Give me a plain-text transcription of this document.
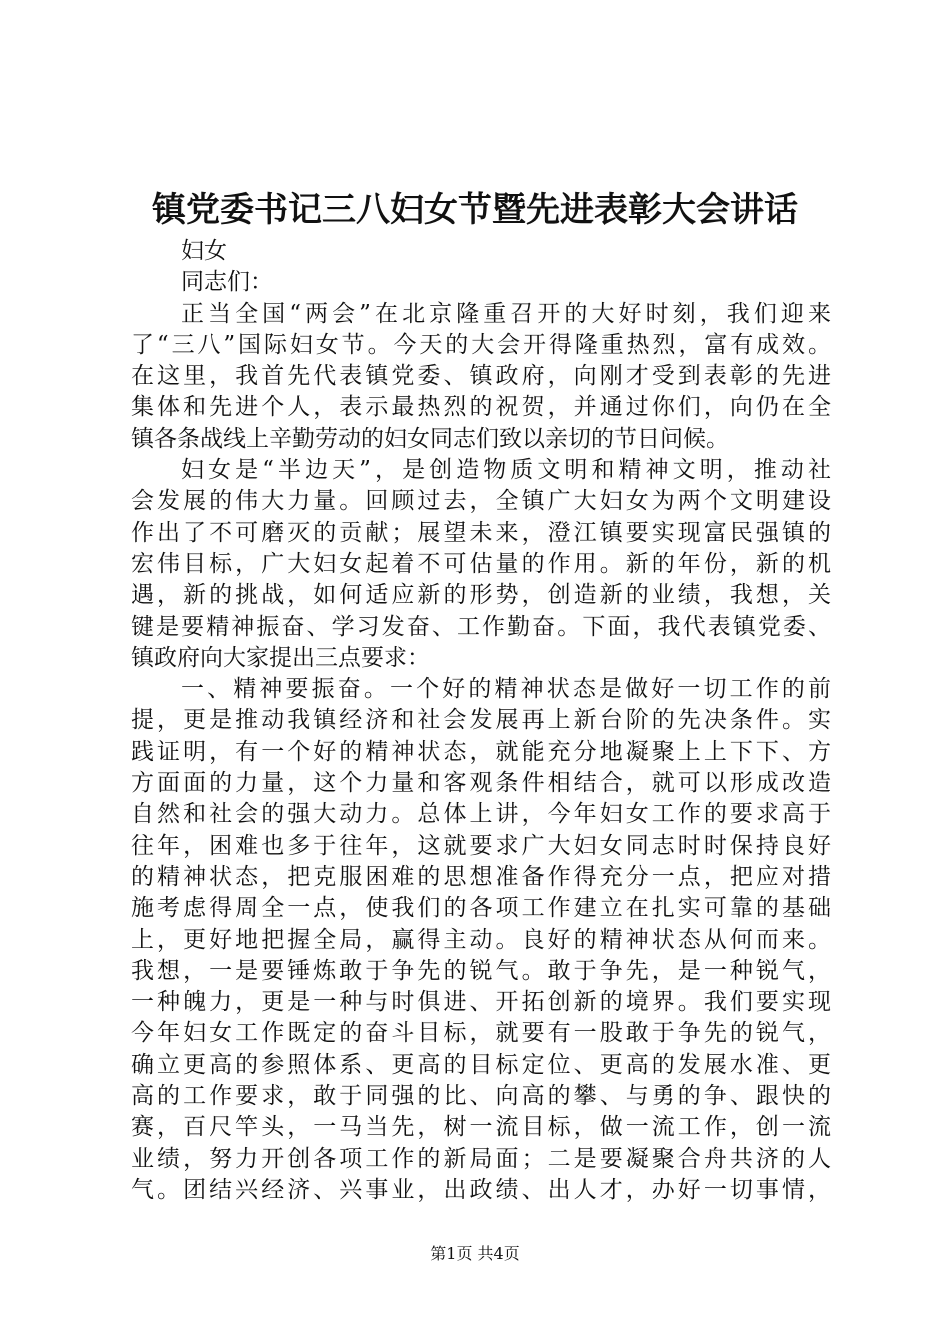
镇党委书记三八妇女节暨先进表彰大会讲话
妇女
同志们：
正当全国“两会”在北京隆重召开的大好时刻，我们迎来
了“三八”国际妇女节。今天的大会开得隆重热烈，富有成效。
在这里，我首先代表镇党委、镇政府，向刚才受到表彰的先进
集体和先进个人，表示最热烈的祝贺，并通过你们，向仍在全
镇各条战线上辛勤劳动的妇女同志们致以亲切的节日问候。
妇女是“半边天”，是创造物质文明和精神文明，推动社
会发展的伟大力量。回顾过去，全镇广大妇女为两个文明建设
作出了不可磨灭的贡献；展望未来，澄江镇要实现富民强镇的
宏伟目标，广大妇女起着不可估量的作用。新的年份，新的机
遇，新的挑战，如何适应新的形势，创造新的业绩，我想，关
键是要精神振奋、学习发奋、工作勤奋。下面，我代表镇党委、
镇政府向大家提出三点要求：
一、精神要振奋。一个好的精神状态是做好一切工作的前
提，更是推动我镇经济和社会发展再上新台阶的先决条件。实
践证明，有一个好的精神状态，就能充分地凝聚上上下下、方
方面面的力量，这个力量和客观条件相结合，就可以形成改造
自然和社会的强大动力。总体上讲，今年妇女工作的要求高于
往年，困难也多于往年，这就要求广大妇女同志时时保持良好
的精神状态，把克服困难的思想准备作得充分一点，把应对措
施考虑得周全一点，使我们的各项工作建立在扎实可靠的基础
上，更好地把握全局，赢得主动。良好的精神状态从何而来。
我想，一是要锤炼敢于争先的锐气。敢于争先，是一种锐气，
一种魄力，更是一种与时俱进、开拓创新的境界。我们要实现
今年妇女工作既定的奋斗目标，就要有一股敢于争先的锐气，
确立更高的参照体系、更高的目标定位、更高的发展水准、更
高的工作要求，敢于同强的比、向高的攀、与勇的争、跟快的
赛，百尺竿头，一马当先，树一流目标，做一流工作，创一流
业绩，努力开创各项工作的新局面；二是要凝聚合舟共济的人
气。团结兴经济、兴事业，出政绩、出人才，办好一切事情，
第1页 共4页
